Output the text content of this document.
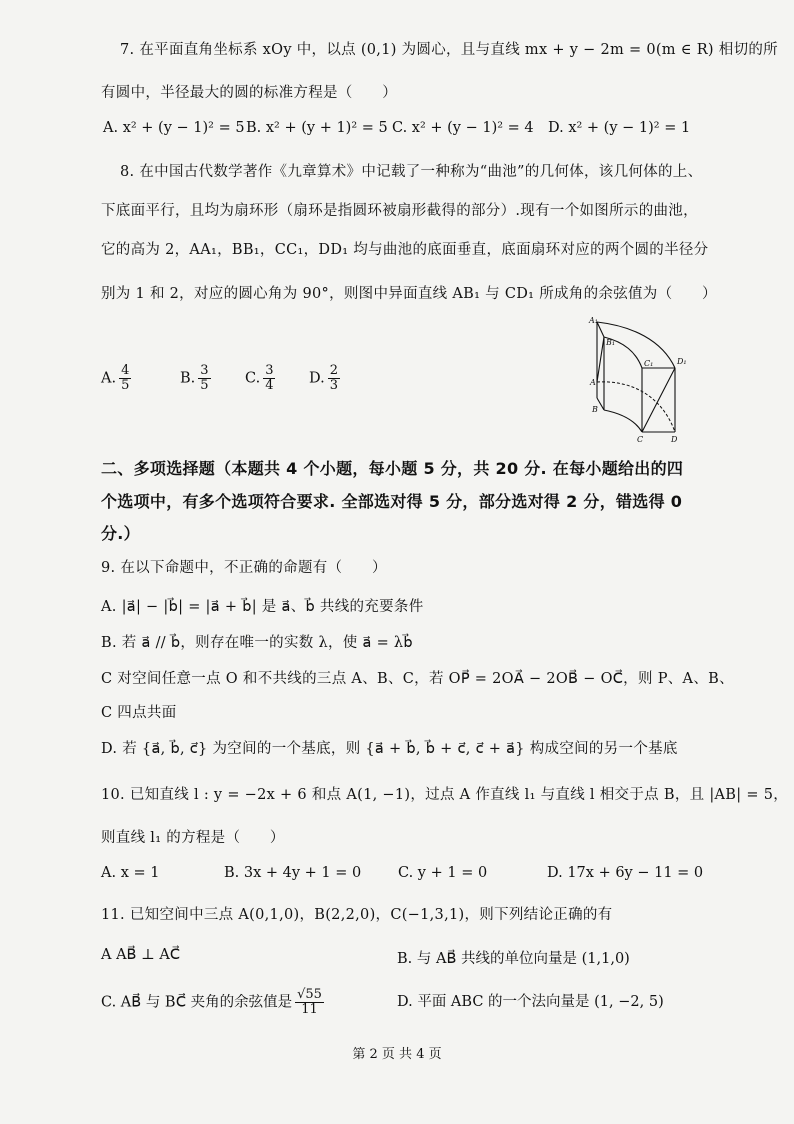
7. 在平面直角坐标系 xOy 中，以点 (0,1) 为圆心，且与直线 mx + y − 2m = 0(m ∈ R) 相切的所
有圆中，半径最大的圆的标准方程是（　　）
A. x² + (y − 1)² = 5 B. x² + (y + 1)² = 5 C. x² + (y − 1)² = 4 D. x² + (y − 1)² = 1
8. 在中国古代数学著作《九章算术》中记载了一种称为“曲池”的几何体，该几何体的上、
下底面平行，且均为扇环形（扇环是指圆环被扇形截得的部分）.现有一个如图所示的曲池，
它的高为 2，AA₁，BB₁，CC₁，DD₁ 均与曲池的底面垂直，底面扇环对应的两个圆的半径分
别为 1 和 2，对应的圆心角为 90°，则图中异面直线 AB₁ 与 CD₁ 所成角的余弦值为（　　）
A. $\frac{4}{5}$	B. $\frac{3}{5} C$. $\frac{3}{4} D$. $\frac{2}{3}$
A₁
B₁
C₁	D₁
A
B
C	D
二、多项选择题（本题共 4 个小题，每小题 5 分，共 20 分. 在每小题给出的四
个选项中，有多个选项符合要求. 全部选对得 5 分，部分选对得 2 分，错选得 0
分.）
9. 在以下命题中，不正确的命题有（　　）
A. |a⃗| − |b⃗| = |a⃗ + b⃗| 是 a⃗、b⃗ 共线的充要条件
B. 若 a⃗ // b⃗，则存在唯一的实数 λ，使 a⃗ = λb⃗
C 对空间任意一点 O 和不共线的三点 A、B、C，若 OP⃗ = 2OA⃗ − 2OB⃗ − OC⃗，则 P、A、B、
C 四点共面
D. 若 {a⃗, b⃗, c⃗} 为空间的一个基底，则 {a⃗ + b⃗, b⃗ + c⃗, c⃗ + a⃗} 构成空间的另一个基底
10. 已知直线 l : y = −2x + 6 和点 A(1, −1)，过点 A 作直线 l₁ 与直线 l 相交于点 B，且 |AB| = 5，
则直线 l₁ 的方程是（　　）
A. x = 1	B. 3x + 4y + 1 = 0	C. y + 1 = 0	D. 17x + 6y − 11 = 0
11. 已知空间中三点 A(0,1,0)，B(2,2,0)，C(−1,3,1)，则下列结论正确的有
A AB⃗ ⊥ AC⃗	B. 与 AB⃗ 共线的单位向量是 (1,1,0)
C. AB⃗ 与 BC⃗ 夹角的余弦值是 $\frac{√55}{11}$	D. 平面 ABC 的一个法向量是 (1, −2, 5)
第 2 页 共 4 页
